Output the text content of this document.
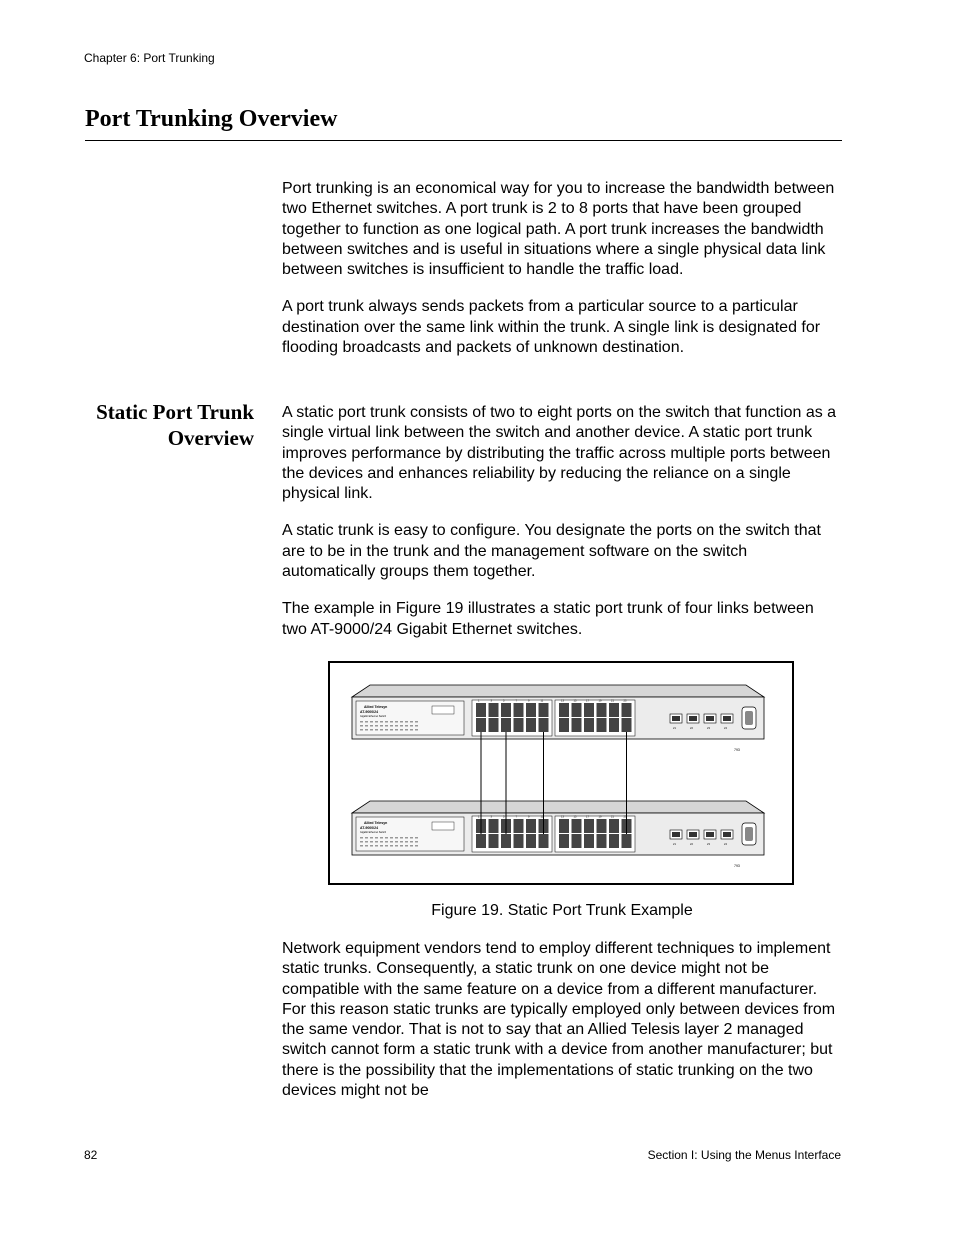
Chapter 6: Port Trunking
Port Trunking Overview

Port trunking is an economical way for you to increase the bandwidth between two Ethernet switches. A port trunk is 2 to 8 ports that have been grouped together to function as one logical path. A port trunk increases the bandwidth between switches and is useful in situations where a single physical data link between switches is insufficient to handle the traffic load.

A port trunk always sends packets from a particular source to a particular destination over the same link within the trunk. A single link is designated for flooding broadcasts and packets of unknown destination.

Static Port Trunk Overview

A static port trunk consists of two to eight ports on the switch that function as a single virtual link between the switch and another device. A static port trunk improves performance by distributing the traffic across multiple ports between the devices and enhances reliability by reducing the reliance on a single physical link.

A static trunk is easy to configure. You designate the ports on the switch that are to be in the trunk and the management software on the switch automatically groups them together.

The example in Figure 19 illustrates a static port trunk of four links between two AT-9000/24 Gigabit Ethernet switches.

Allied Telesyn
AT-9000/24
Gigabit Ethernet Switch
1	3	5	7	9	11	13	15	17	19	21	23
21	22	23	24
793
Allied Telesyn
AT-9000/24
Gigabit Ethernet Switch
1	3	5	7	9	11	13	15	17	19	21	23
21	22	23	24
793
Figure 19. Static Port Trunk Example

Network equipment vendors tend to employ different techniques to implement static trunks. Consequently, a static trunk on one device might not be compatible with the same feature on a device from a different manufacturer. For this reason static trunks are typically employed only between devices from the same vendor. That is not to say that an Allied Telesis layer 2 managed switch cannot form a static trunk with a device from another manufacturer; but there is the possibility that the implementations of static trunking on the two devices might not be

82	Section I: Using the Menus Interface
